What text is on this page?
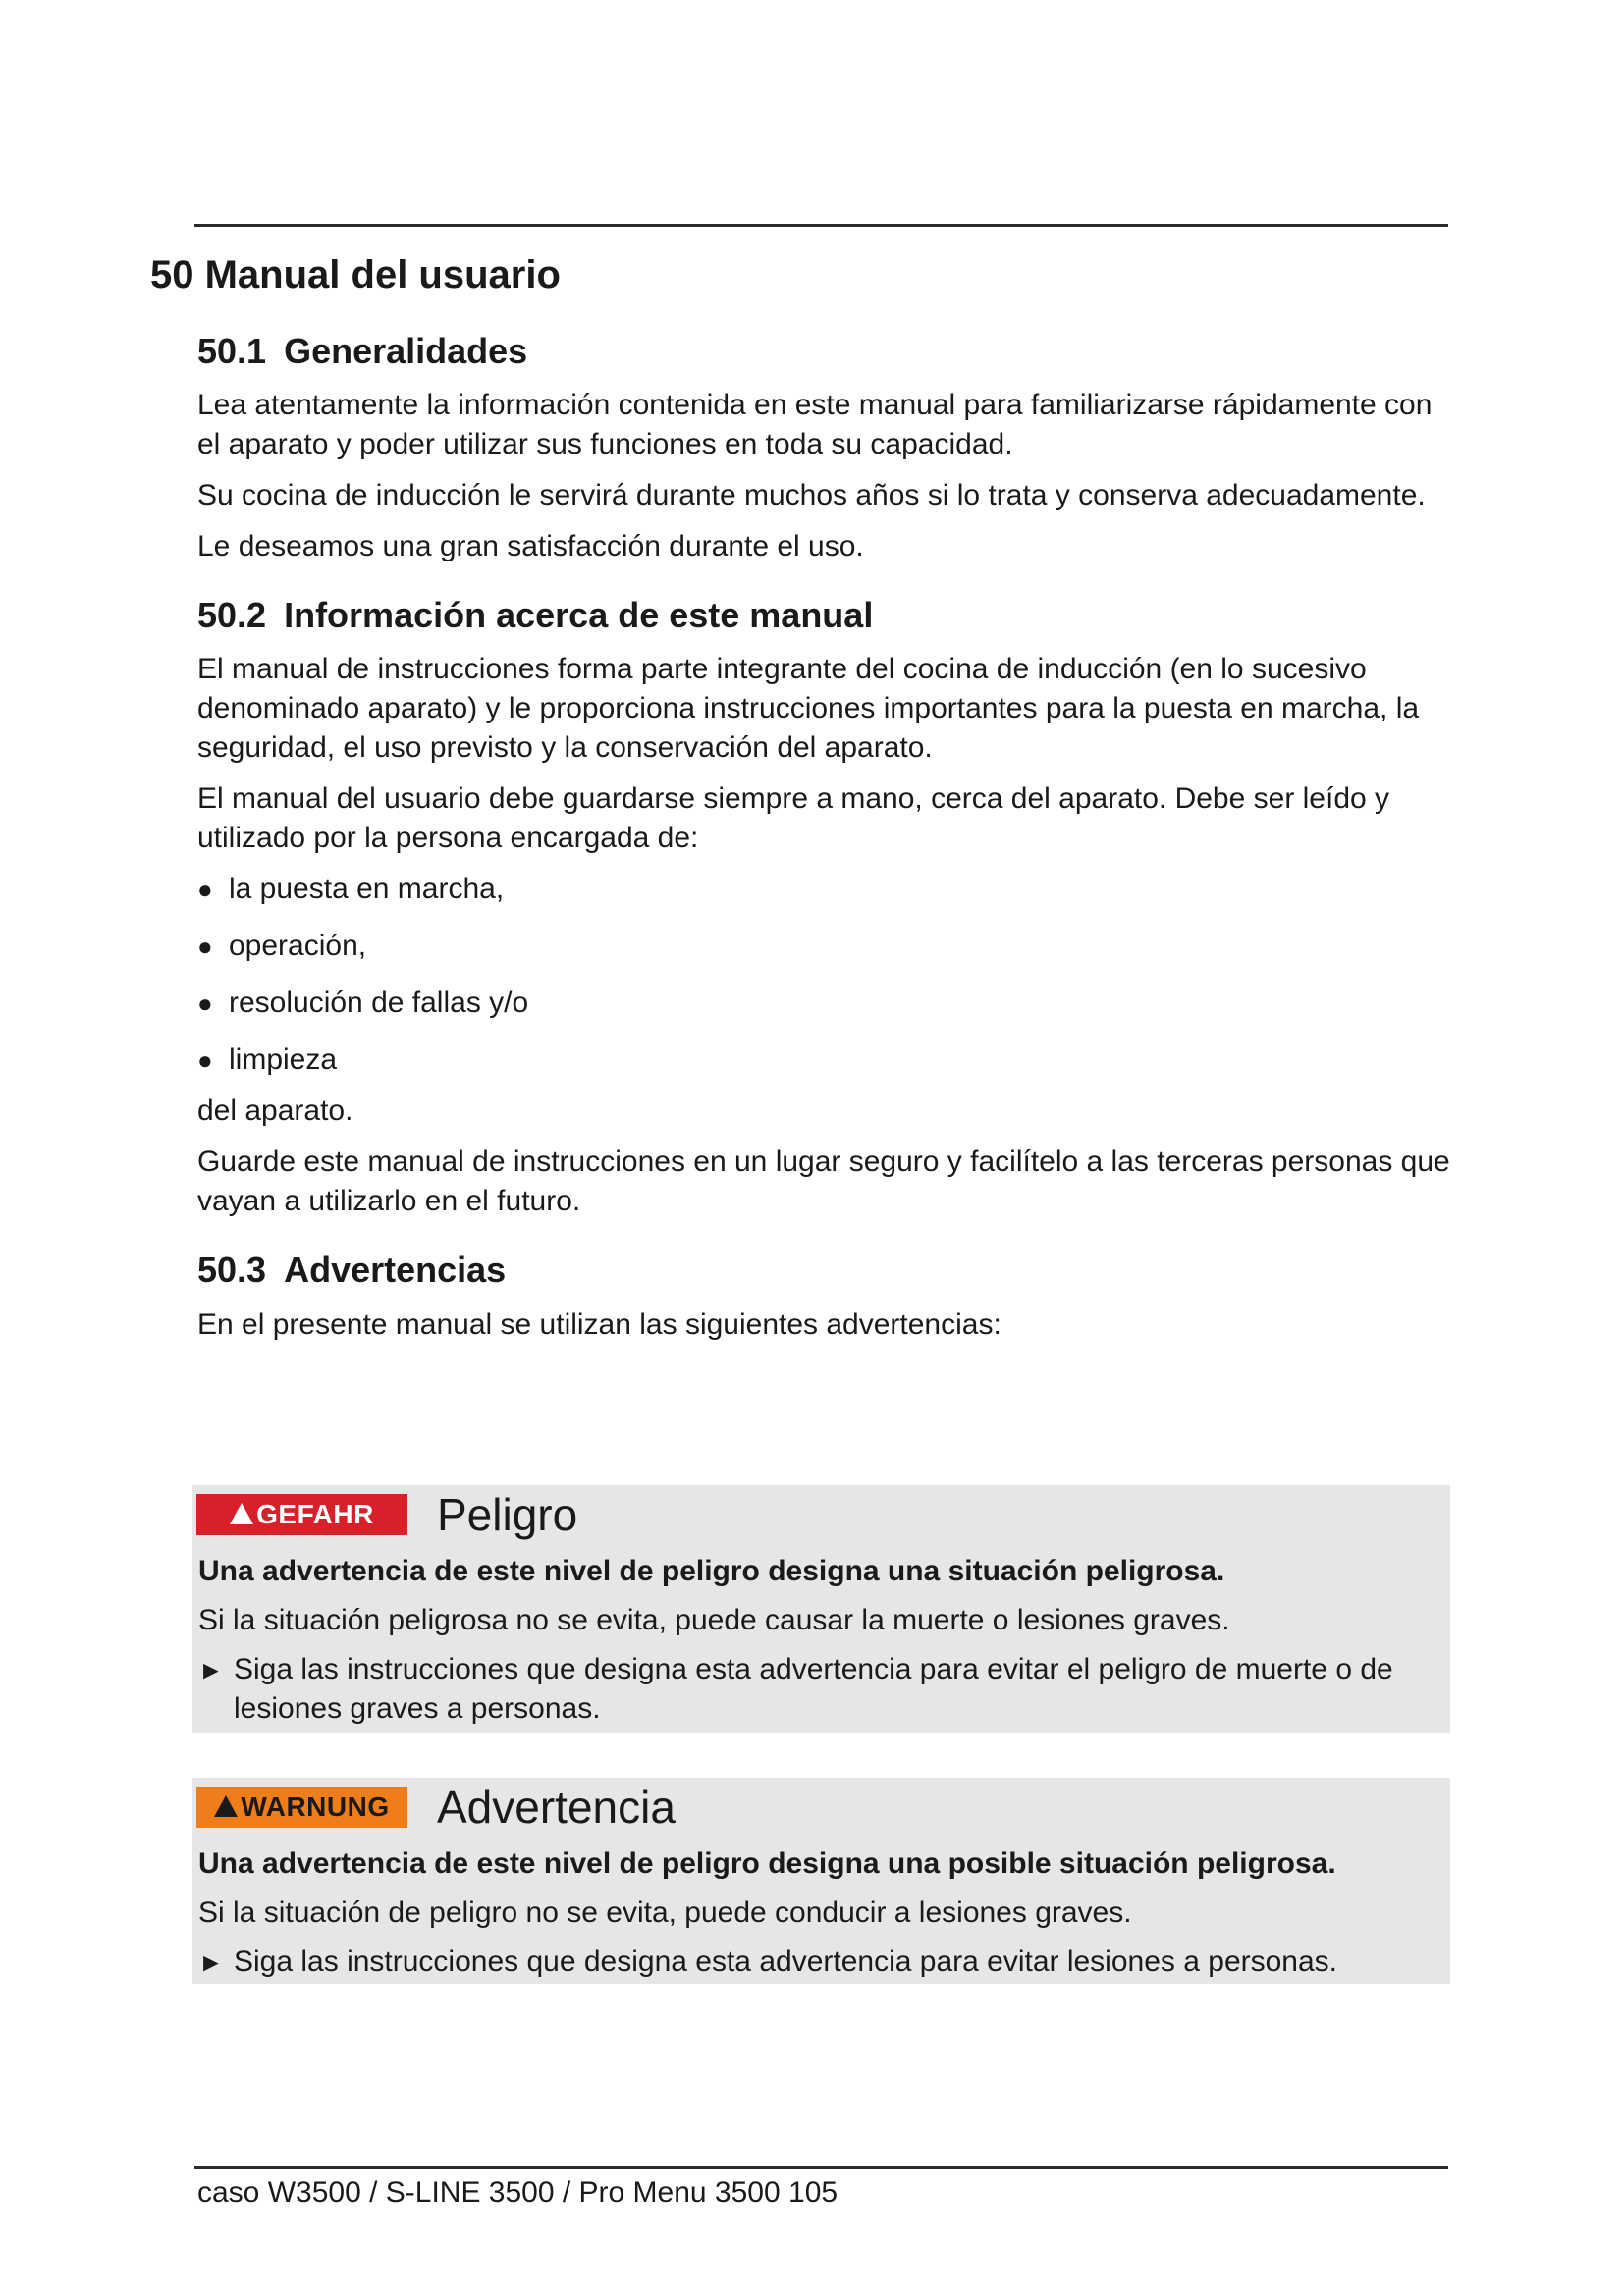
50 Manual del usuario
50.1 Generalidades

Lea atentamente la información contenida en este manual para familiarizarse rápidamente con el aparato y poder utilizar sus funciones en toda su capacidad.

Su cocina de inducción le servirá durante muchos años si lo trata y conserva adecuadamente.

Le deseamos una gran satisfacción durante el uso.

50.2 Información acerca de este manual

El manual de instrucciones forma parte integrante del cocina de inducción (en lo sucesivo denominado aparato) y le proporciona instrucciones importantes para la puesta en marcha, la seguridad, el uso previsto y la conservación del aparato.

El manual del usuario debe guardarse siempre a mano, cerca del aparato. Debe ser leído y utilizado por la persona encargada de:

● la puesta en marcha,
● operación,
● resolución de fallas y/o
● limpieza

del aparato.

Guarde este manual de instrucciones en un lugar seguro y facilítelo a las terceras personas que vayan a utilizarlo en el futuro.

50.3 Advertencias

En el presente manual se utilizan las siguientes advertencias:

GEFAHR Peligro
Una advertencia de este nivel de peligro designa una situación peligrosa.
Si la situación peligrosa no se evita, puede causar la muerte o lesiones graves.
► Siga las instrucciones que designa esta advertencia para evitar el peligro de muerte o de lesiones graves a personas.
WARNUNG Advertencia
Una advertencia de este nivel de peligro designa una posible situación peligrosa.
Si la situación de peligro no se evita, puede conducir a lesiones graves.
► Siga las instrucciones que designa esta advertencia para evitar lesiones a personas.
caso W3500 / S-LINE 3500 / Pro Menu 3500 105
